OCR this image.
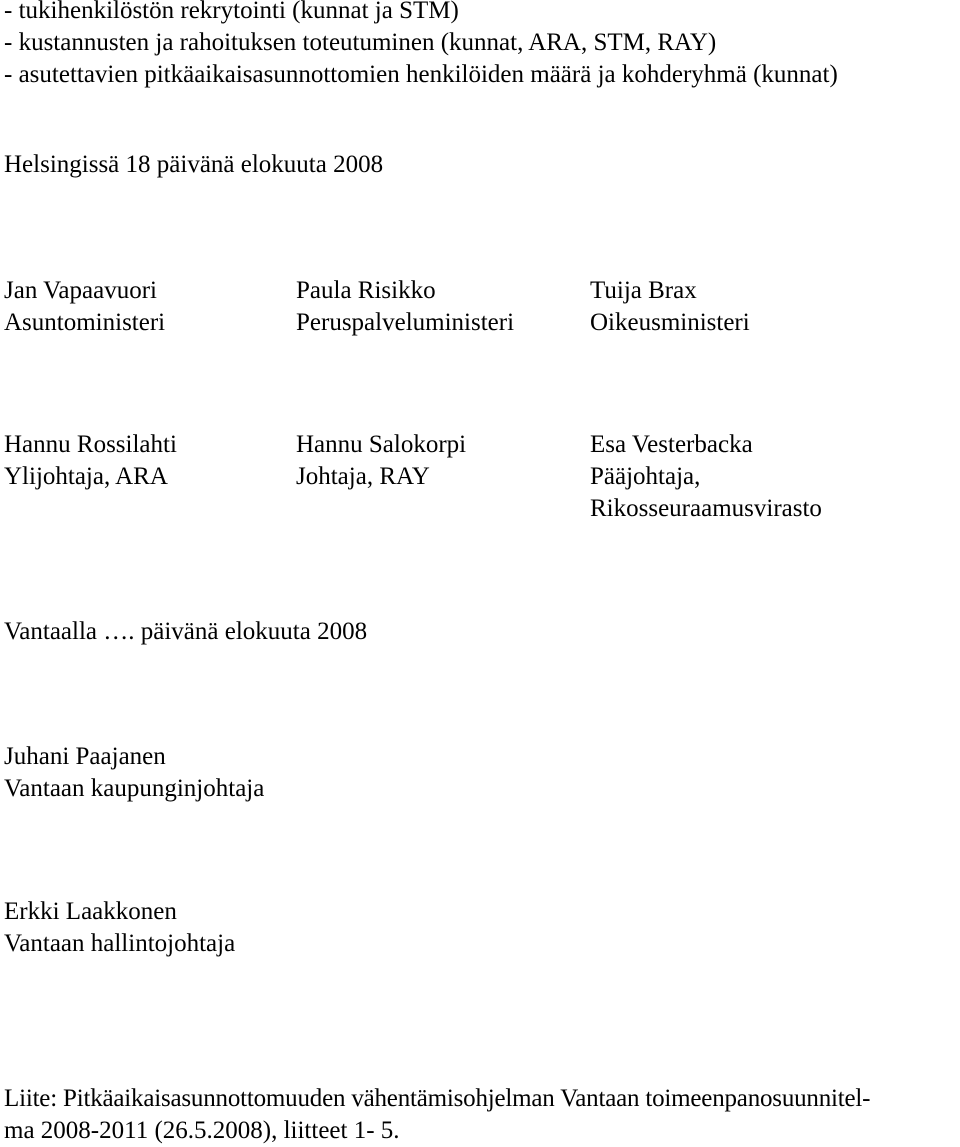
- tukihenkilöstön rekrytointi (kunnat ja STM)
- kustannusten ja rahoituksen toteutuminen (kunnat, ARA, STM, RAY)
- asutettavien pitkäaikaisasunnottomien henkilöiden määrä ja kohderyhmä (kunnat)
Helsingissä 18 päivänä elokuuta 2008
Jan Vapaavuori
Asuntoministeri
Paula Risikko
Peruspalveluministeri
Tuija Brax
Oikeusministeri
Hannu Rossilahti
Ylijohtaja, ARA
Hannu Salokorpi
Johtaja, RAY
Esa Vesterbacka
Pääjohtaja,
Rikosseuraamusvirasto
Vantaalla …. päivänä elokuuta 2008
Juhani Paajanen
Vantaan kaupunginjohtaja
Erkki Laakkonen
Vantaan hallintojohtaja
Liite: Pitkäaikaisasunnottomuuden vähentämisohjelman Vantaan toimeenpanosuunnitel-
ma 2008-2011 (26.5.2008), liitteet 1- 5.
